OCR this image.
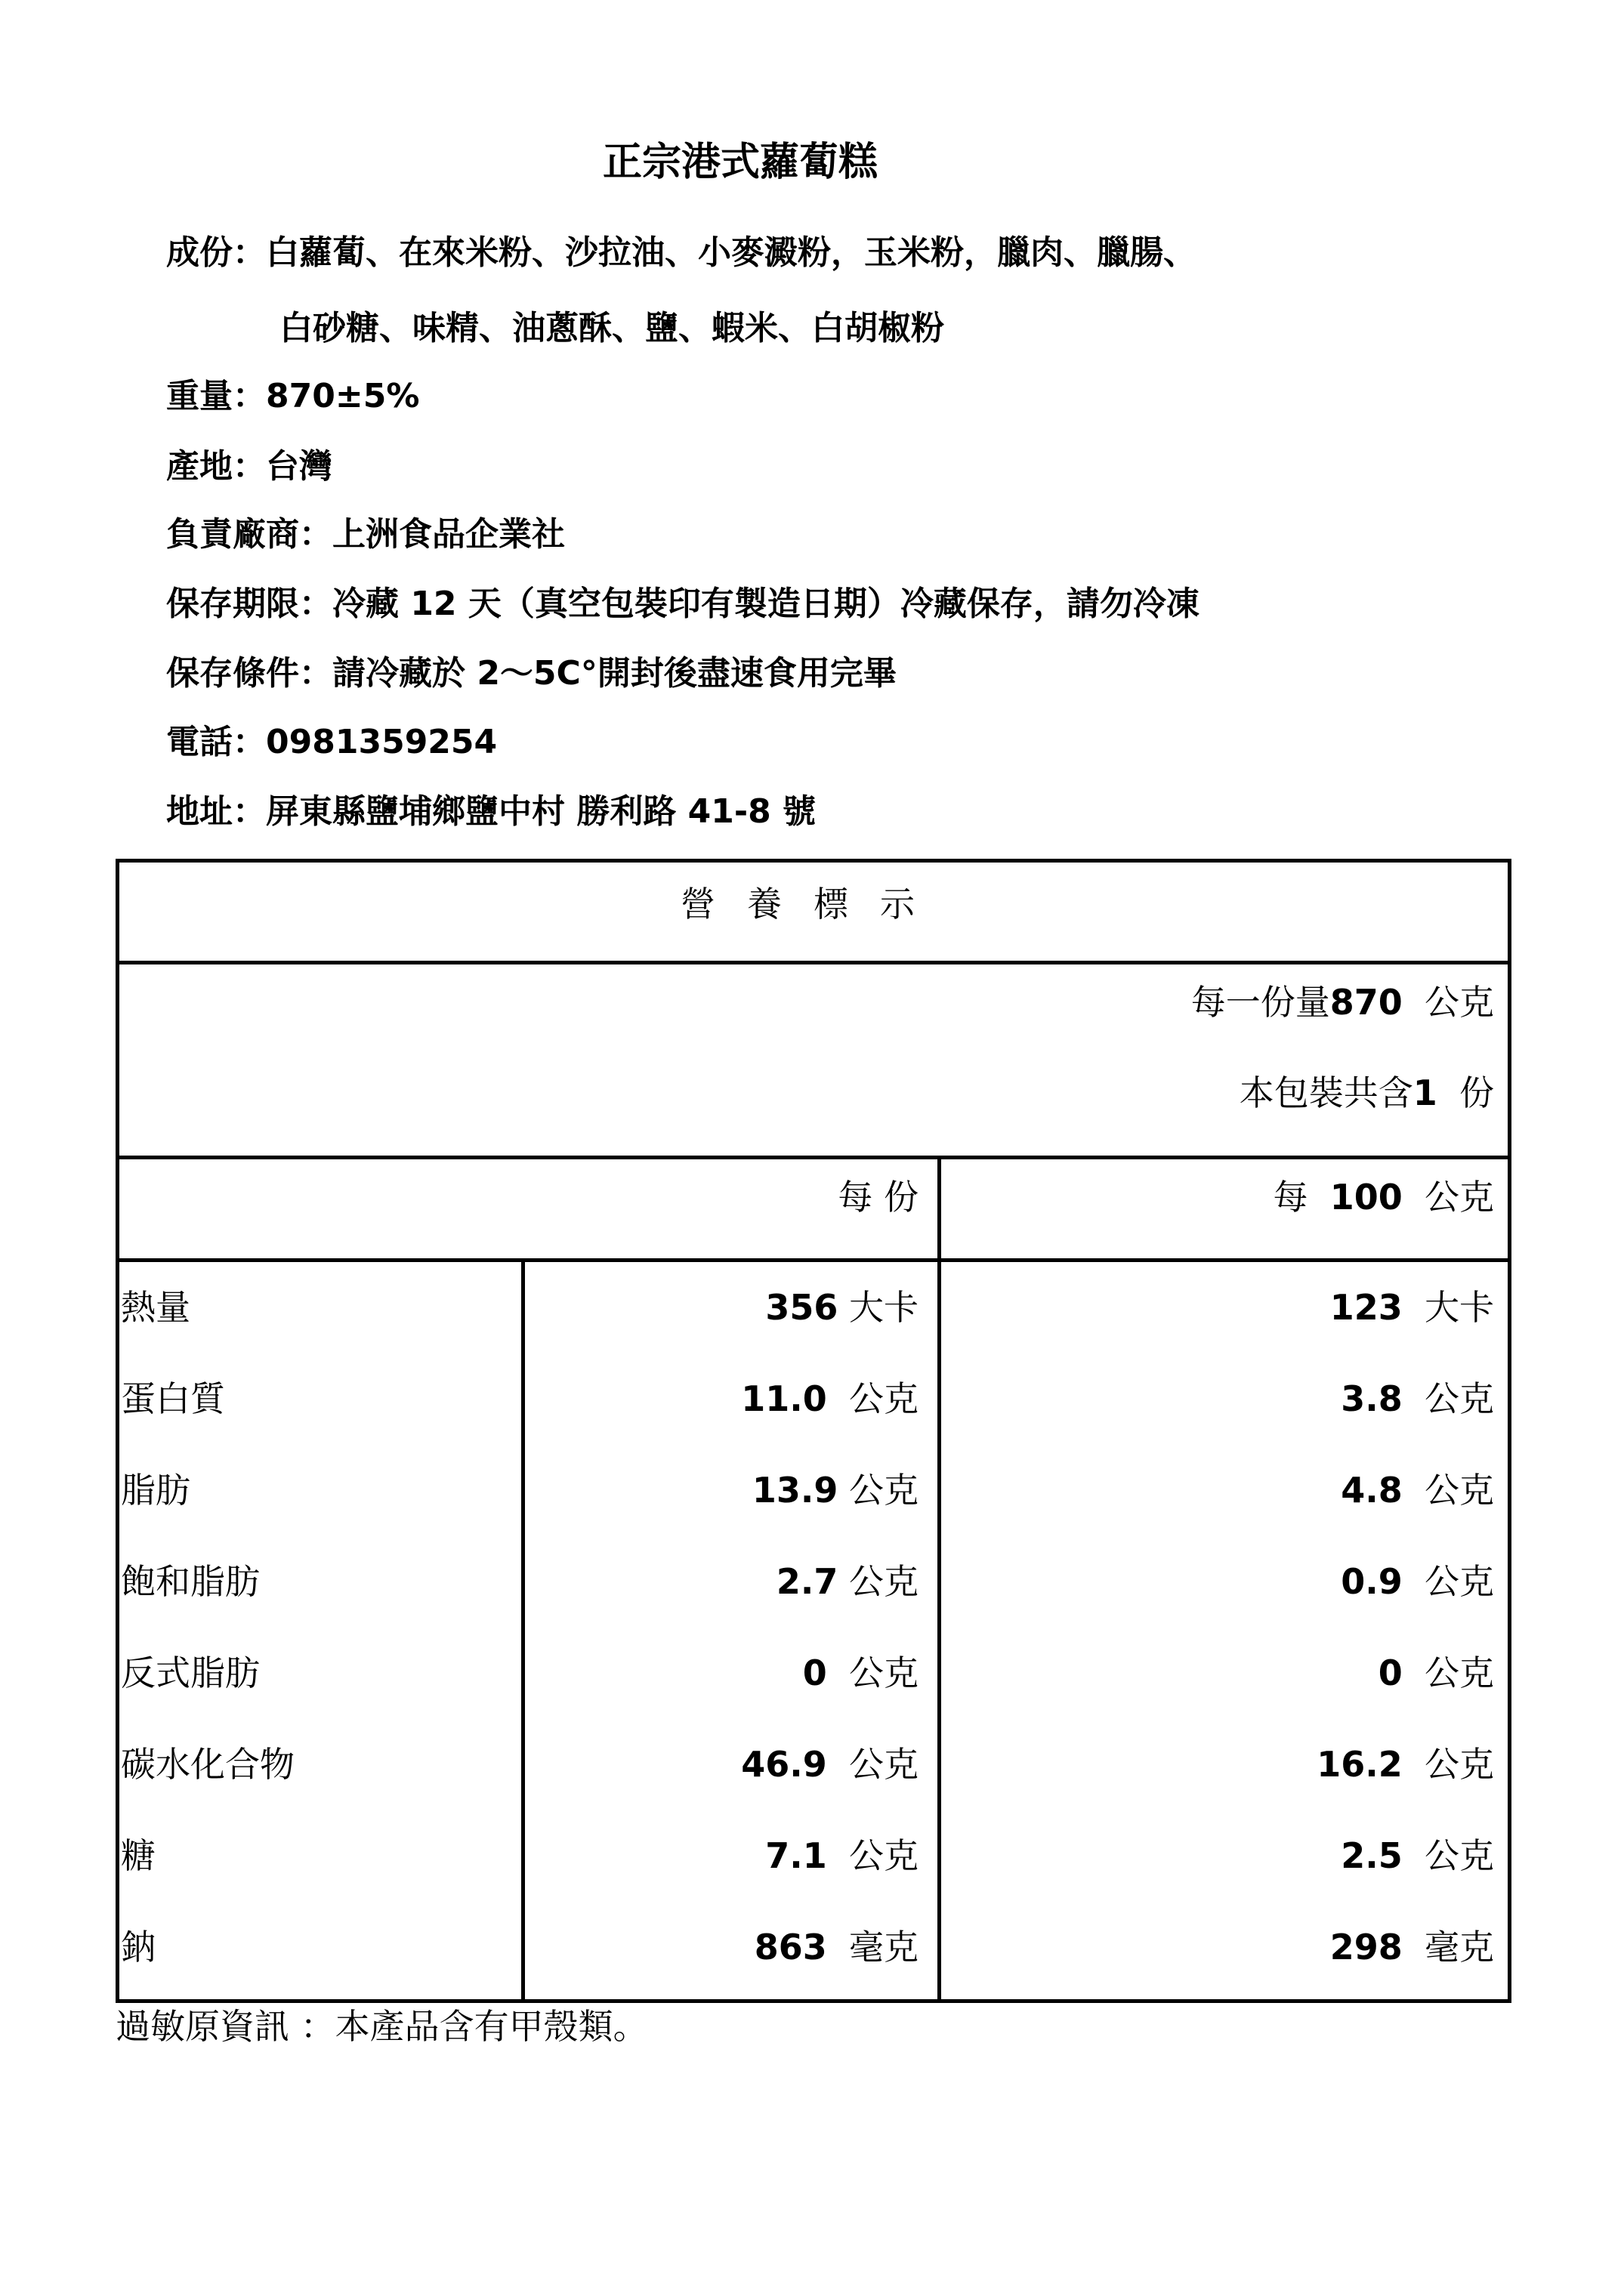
正宗港式蘿蔔糕
成份：白蘿蔔、在來米粉、沙拉油、小麥澱粉，玉米粉，臘肉、臘腸、
白砂糖、味精、油蔥酥、鹽、蝦米、白胡椒粉
重量：870±5%
產地：台灣
負責廠商：上洲食品企業社
保存期限：冷藏 12 天（真空包裝印有製造日期）冷藏保存，請勿冷凍
保存條件：請冷藏於 2～5C°開封後盡速食用完畢
電話：0981359254
地址：屏東縣鹽埔鄉鹽中村 勝利路 41-8 號
營養標示
每一份量870 公克
本包裝共含1 份
每 份	每 100 公克
熱量	356 大卡	123 大卡
蛋白質	11.0 公克	3.8 公克
脂肪	13.9 公克	4.8 公克
飽和脂肪	2.7 公克	0.9 公克
反式脂肪	0 公克	0 公克
碳水化合物	46.9 公克	16.2 公克
糖	7.1 公克	2.5 公克
鈉	863 毫克	298 毫克
過敏原資訊 ：本產品含有甲殼類。
